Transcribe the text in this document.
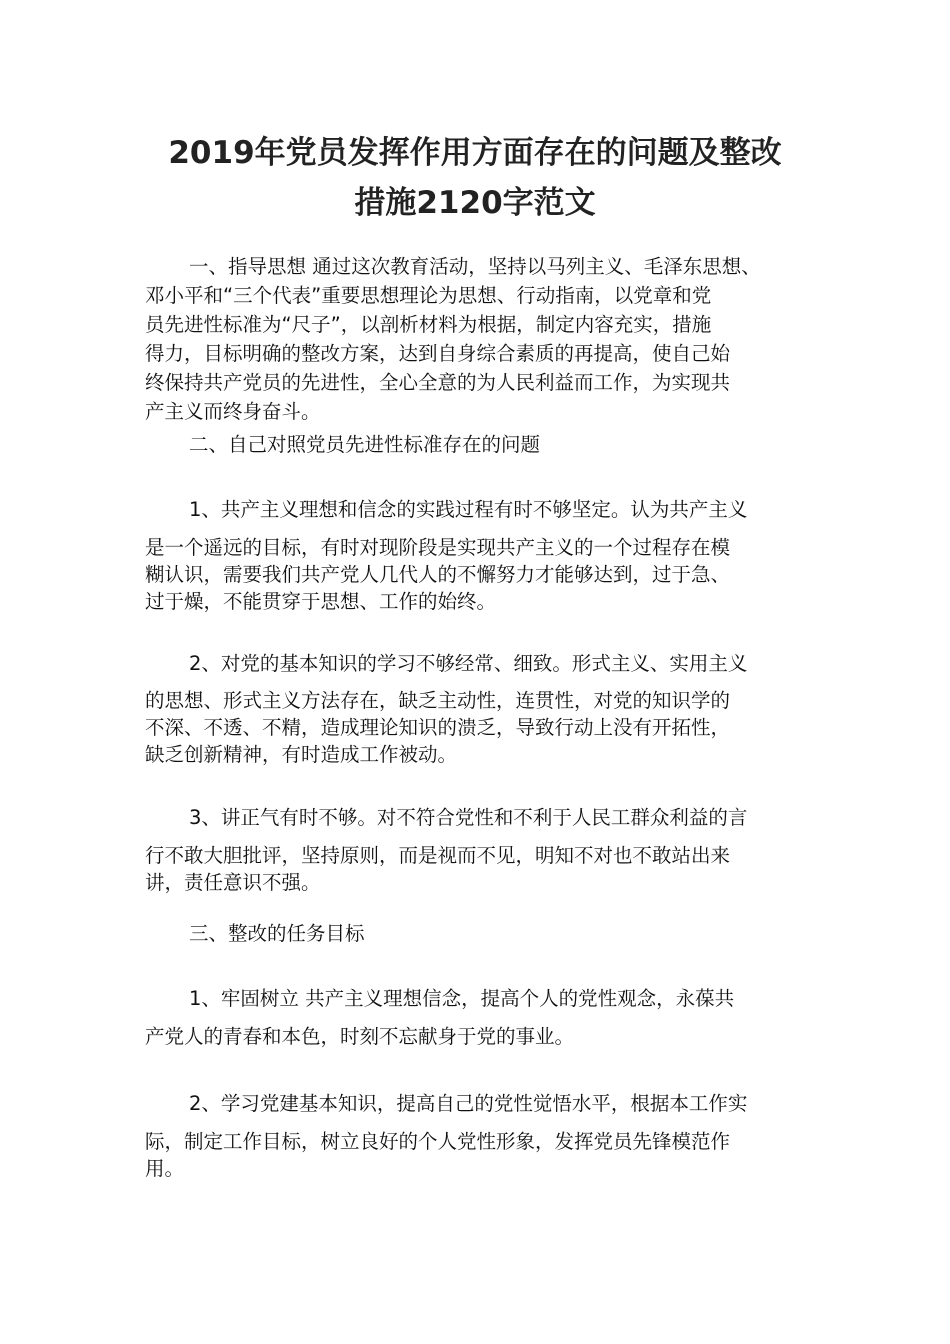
2019年党员发挥作用方面存在的问题及整改
措施2120字范文
一、指导思想 通过这次教育活动，坚持以马列主义、毛泽东思想、
邓小平和“三个代表”重要思想理论为思想、行动指南，以党章和党
员先进性标准为“尺子”，以剖析材料为根据，制定内容充实，措施
得力，目标明确的整改方案，达到自身综合素质的再提高，使自己始
终保持共产党员的先进性，全心全意的为人民利益而工作，为实现共
产主义而终身奋斗。
二、自己对照党员先进性标准存在的问题
1、共产主义理想和信念的实践过程有时不够坚定。认为共产主义
是一个遥远的目标，有时对现阶段是实现共产主义的一个过程存在模
糊认识，需要我们共产党人几代人的不懈努力才能够达到，过于急、
过于燥，不能贯穿于思想、工作的始终。
2、对党的基本知识的学习不够经常、细致。形式主义、实用主义
的思想、形式主义方法存在，缺乏主动性，连贯性，对党的知识学的
不深、不透、不精，造成理论知识的溃乏，导致行动上没有开拓性，
缺乏创新精神，有时造成工作被动。
3、讲正气有时不够。对不符合党性和不利于人民工群众利益的言
行不敢大胆批评，坚持原则，而是视而不见，明知不对也不敢站出来
讲，责任意识不强。
三、整改的任务目标
1、牢固树立 共产主义理想信念，提高个人的党性观念，永葆共
产党人的青春和本色，时刻不忘献身于党的事业。
2、学习党建基本知识，提高自己的党性觉悟水平，根据本工作实
际，制定工作目标，树立良好的个人党性形象，发挥党员先锋模范作
用。
